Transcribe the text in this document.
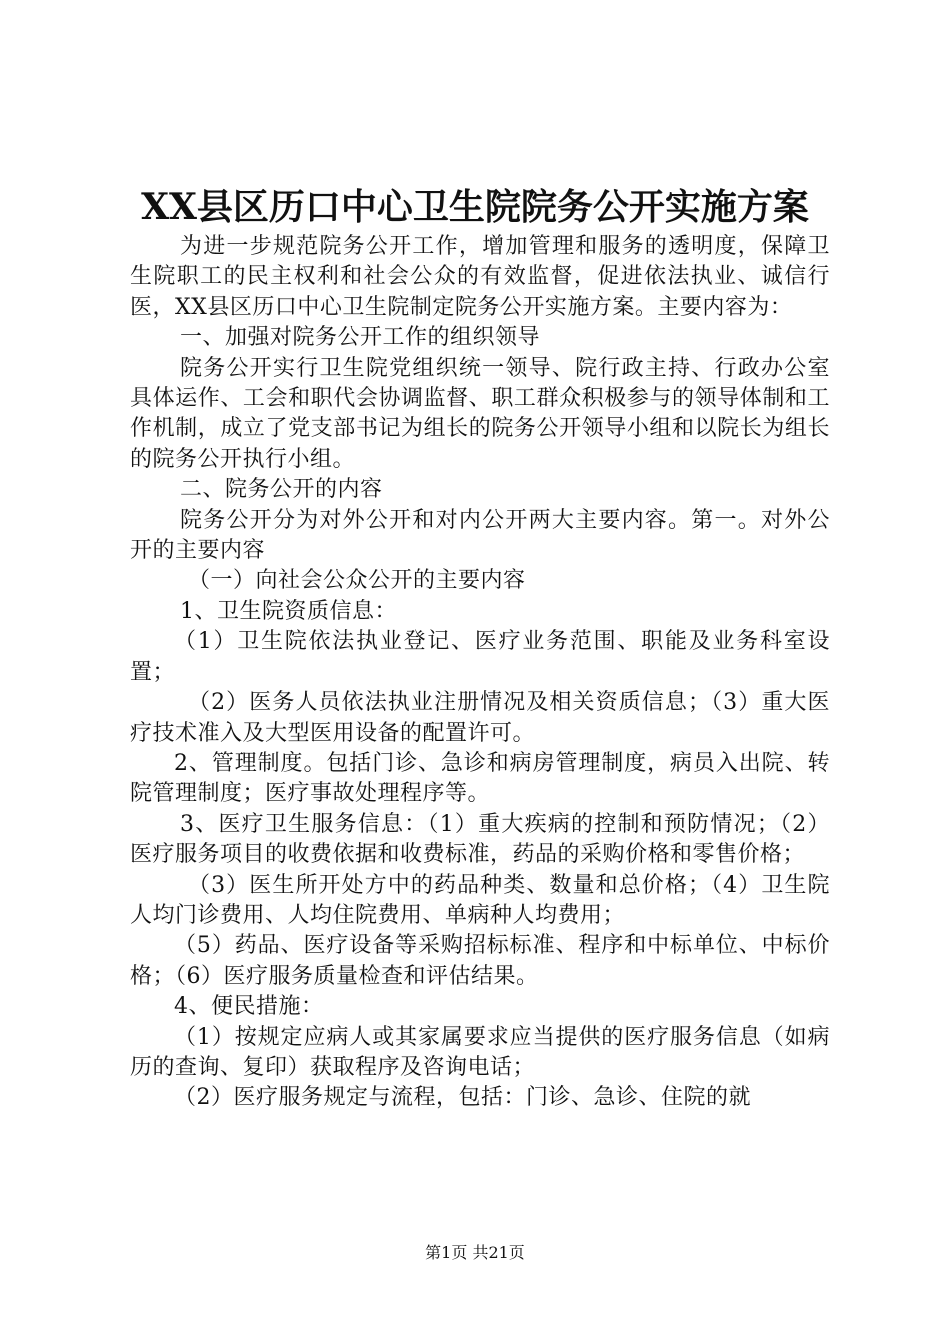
XX县区历口中心卫生院院务公开实施方案

为进一步规范院务公开工作，增加管理和服务的透明度，保障卫生院职工的民主权利和社会公众的有效监督，促进依法执业、诚信行医，XX县区历口中心卫生院制定院务公开实施方案。主要内容为：

一、加强对院务公开工作的组织领导

院务公开实行卫生院党组织统一领导、院行政主持、行政办公室具体运作、工会和职代会协调监督、职工群众积极参与的领导体制和工作机制，成立了党支部书记为组长的院务公开领导小组和以院长为组长的院务公开执行小组。

二、院务公开的内容

院务公开分为对外公开和对内公开两大主要内容。第一。对外公开的主要内容

（一）向社会公众公开的主要内容

1、卫生院资质信息：

（1）卫生院依法执业登记、医疗业务范围、职能及业务科室设置；

（2）医务人员依法执业注册情况及相关资质信息；（3）重大医疗技术准入及大型医用设备的配置许可。

2、管理制度。包括门诊、急诊和病房管理制度，病员入出院、转院管理制度；医疗事故处理程序等。

3、医疗卫生服务信息：（1）重大疾病的控制和预防情况；（2）医疗服务项目的收费依据和收费标准，药品的采购价格和零售价格；

（3）医生所开处方中的药品种类、数量和总价格；（4）卫生院人均门诊费用、人均住院费用、单病种人均费用；

（5）药品、医疗设备等采购招标标准、程序和中标单位、中标价格；（6）医疗服务质量检查和评估结果。

4、便民措施：

（1）按规定应病人或其家属要求应当提供的医疗服务信息（如病历的查询、复印）获取程序及咨询电话；

（2）医疗服务规定与流程，包括：门诊、急诊、住院的就

第1页 共21页
